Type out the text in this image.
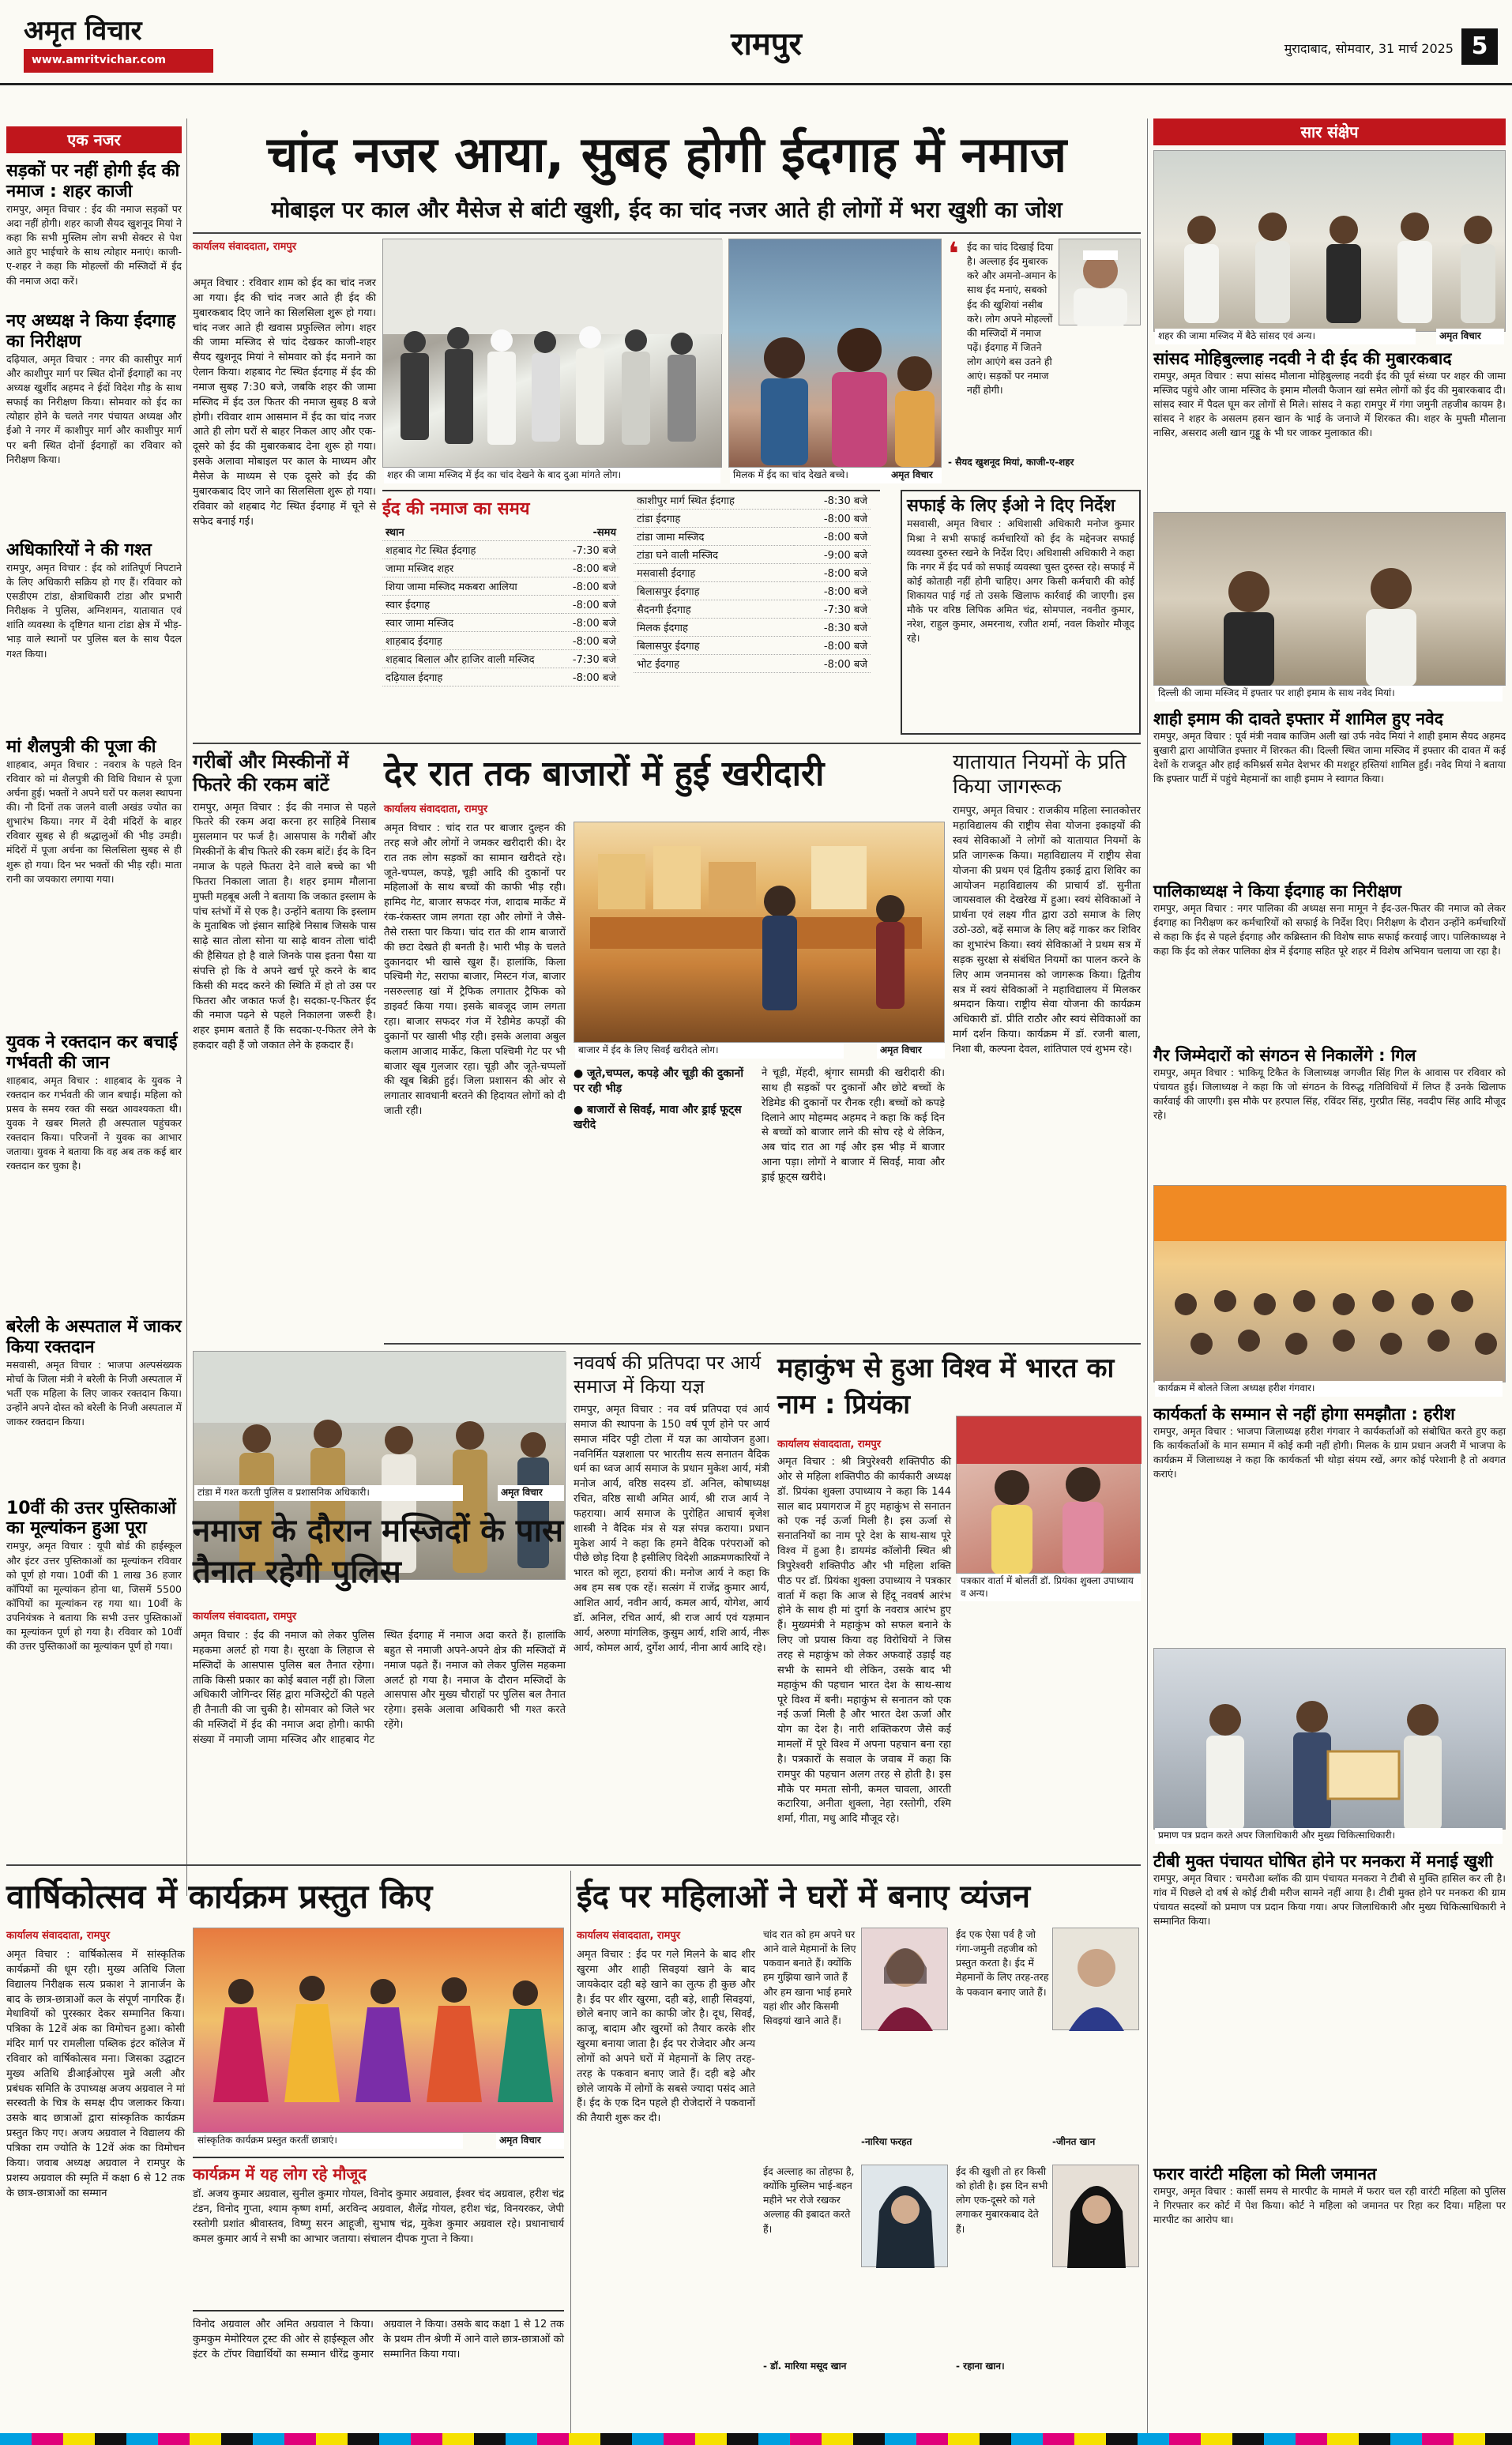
अमृत विचार
www.amritvichar.com	रामपुर	मुरादाबाद, सोमवार, 31 मार्च 2025 5
एक नजर
सड़कों पर नहीं होगी ईद की नमाज : शहर काजी
रामपुर, अमृत विचार : ईद की नमाज सड़कों पर अदा नहीं होगी। शहर काजी सैयद खुशनूद मियां ने कहा कि सभी मुस्लिम लोग सभी सेक्टर से पेश आते हुए भाईचारे के साथ त्योहार मनाएं। काजी-ए-शहर ने कहा कि मोहल्लों की मस्जिदों में ईद की नमाज अदा करें।
नए अध्यक्ष ने किया ईदगाह का निरीक्षण
दढ़ियाल, अमृत विचार : नगर की कासीपुर मार्ग और काशीपुर मार्ग पर स्थित दोनों ईदगाहों का नए अध्यक्ष खुर्शीद अहमद ने ईदों विदेश गौड़ के साथ सफाई का निरीक्षण किया। सोमवार को ईद का त्योहार होने के चलते नगर पंचायत अध्यक्ष और ईओ ने नगर में काशीपुर मार्ग और काशीपुर मार्ग पर बनी स्थित दोनों ईदगाहों का रविवार को निरीक्षण किया।
अधिकारियों ने की गश्त
रामपुर, अमृत विचार : ईद को शांतिपूर्ण निपटाने के लिए अधिकारी सक्रिय हो गए हैं। रविवार को एसडीएम टांडा, क्षेत्राधिकारी टांडा और प्रभारी निरीक्षक ने पुलिस, अग्निशमन, यातायात एवं शांति व्यवस्था के दृष्टिगत थाना टांडा क्षेत्र में भीड़-भाड़ वाले स्थानों पर पुलिस बल के साथ पैदल गश्त किया।
मां शैलपुत्री की पूजा की
शाहबाद, अमृत विचार : नवरात्र के पहले दिन रविवार को मां शैलपुत्री की विधि विधान से पूजा अर्चना हुई। भक्तों ने अपने घरों पर कलश स्थापना की। नौ दिनों तक जलने वाली अखंड ज्योत का शुभारंभ किया। नगर में देवी मंदिरों के बाहर रविवार सुबह से ही श्रद्धालुओं की भीड़ उमड़ी। मंदिरों में पूजा अर्चना का सिलसिला सुबह से ही शुरू हो गया। दिन भर भक्तों की भीड़ रही। माता रानी का जयकारा लगाया गया।
युवक ने रक्तदान कर बचाई गर्भवती की जान
शाहबाद, अमृत विचार : शाहबाद के युवक ने रक्तदान कर गर्भवती की जान बचाई। महिला को प्रसव के समय रक्त की सख्त आवश्यकता थी। युवक ने खबर मिलते ही अस्पताल पहुंचकर रक्तदान किया। परिजनों ने युवक का आभार जताया। युवक ने बताया कि वह अब तक कई बार रक्तदान कर चुका है।
बरेली के अस्पताल में जाकर किया रक्तदान
मसवासी, अमृत विचार : भाजपा अल्पसंख्यक मोर्चा के जिला मंत्री ने बरेली के निजी अस्पताल में भर्ती एक महिला के लिए जाकर रक्तदान किया। उन्होंने अपने दोस्त को बरेली के निजी अस्पताल में जाकर रक्तदान किया।
10वीं की उत्तर पुस्तिकाओं का मूल्यांकन हुआ पूरा
रामपुर, अमृत विचार : यूपी बोर्ड की हाईस्कूल और इंटर उत्तर पुस्तिकाओं का मूल्यांकन रविवार को पूर्ण हो गया। 10वीं की 1 लाख 36 हजार कॉपियों का मूल्यांकन होना था, जिसमें 5500 कॉपियों का मूल्यांकन रह गया था। 10वीं के उपनियंत्रक ने बताया कि सभी उत्तर पुस्तिकाओं का मूल्यांकन पूर्ण हो गया है। रविवार को 10वीं की उत्तर पुस्तिकाओं का मूल्यांकन पूर्ण हो गया।
चांद नजर आया, सुबह होगी ईदगाह में नमाज
मोबाइल पर काल और मैसेज से बांटी खुशी, ईद का चांद नजर आते ही लोगों में भरा खुशी का जोश
कार्यालय संवाददाता, रामपुर
अमृत विचार : रविवार शाम को ईद का चांद नजर आ गया। ईद की चांद नजर आते ही ईद की मुबारकबाद दिए जाने का सिलसिला शुरू हो गया। चांद नजर आते ही खवास प्रफुल्लित लोग। शहर की जामा मस्जिद से चांद देखकर काजी-शहर सैयद खुशनूद मियां ने सोमवार को ईद मनाने का ऐलान किया। शहबाद गेट स्थित ईदगाह में ईद की नमाज सुबह 7:30 बजे, जबकि शहर की जामा मस्जिद में ईद उल फितर की नमाज सुबह 8 बजे होगी। रविवार शाम आसमान में ईद का चांद नजर आते ही लोग घरों से बाहर निकल आए और एक-दूसरे को ईद की मुबारकबाद देना शुरू हो गया। इसके अलावा मोबाइल पर काल के माध्यम और मैसेज के माध्यम से एक दूसरे को ईद की मुबारकबाद दिए जाने का सिलसिला शुरू हो गया। रविवार को शहबाद गेट स्थित ईदगाह में चूने से सफेद बनाई गई।
शहर की जामा मस्जिद में ईद का चांद देखने के बाद दुआ मांगते लोग।	मिलक में ईद का चांद देखते बच्चे।	अमृत विचार
❛ ईद का चांद दिखाई दिया है। अल्लाह ईद मुबारक करे और अमनो-अमान के साथ ईद मनाएं, सबको ईद की खुशियां नसीब करे। लोग अपने मोहल्लों की मस्जिदों में नमाज पढ़ें। ईदगाह में जितने लोग आएंगे बस उतने ही आएं। सड़कों पर नमाज नहीं होगी।
- सैयद खुशनूद मियां, काजी-ए-शहर
ईद की नमाज का समय
स्थान	-समय
शहबाद गेट स्थित ईदगाह	-7:30 बजे
जामा मस्जिद शहर	-8:00 बजे
शिया जामा मस्जिद मकबरा आलिया	-8:00 बजे
स्वार ईदगाह	-8:00 बजे
स्वार जामा मस्जिद	-8:00 बजे
शाहबाद ईदगाह	-8:00 बजे
शहबाद बिलाल और हाजिर वाली मस्जिद	-7:30 बजे
दढ़ियाल ईदगाह	-8:00 बजे
काशीपुर मार्ग स्थित ईदगाह	-8:30 बजे
टांडा ईदगाह	-8:00 बजे
टांडा जामा मस्जिद	-8:00 बजे
टांडा घने वाली मस्जिद	-9:00 बजे
मसवासी ईदगाह	-8:00 बजे
बिलासपुर ईदगाह	-8:00 बजे
सैदनगी ईदगाह	-7:30 बजे
मिलक ईदगाह	-8:30 बजे
बिलासपुर ईदगाह	-8:00 बजे
भोट ईदगाह	-8:00 बजे
सफाई के लिए ईओ ने दिए निर्देश
मसवासी, अमृत विचार : अधिशासी अधिकारी मनोज कुमार मिश्रा ने सभी सफाई कर्मचारियों को ईद के मद्देनजर सफाई व्यवस्था दुरुस्त रखने के निर्देश दिए। अधिशासी अधिकारी ने कहा कि नगर में ईद पर्व को सफाई व्यवस्था चुस्त दुरुस्त रहे। सफाई में कोई कोताही नहीं होनी चाहिए। अगर किसी कर्मचारी की कोई शिकायत पाई गई तो उसके खिलाफ कार्रवाई की जाएगी। इस मौके पर वरिष्ठ लिपिक अमित चंद्र, सोमपाल, नवनीत कुमार, नरेश, राहुल कुमार, अमरनाथ, रजीत शर्मा, नवल किशोर मौजूद रहे।
गरीबों और मिस्कीनों में फितरे की रकम बांटें
रामपुर, अमृत विचार : ईद की नमाज से पहले फितरे की रकम अदा करना हर साहिबे निसाब मुसलमान पर फर्ज है। आसपास के गरीबों और मिस्कीनों के बीच फितरे की रकम बांटें। ईद के दिन नमाज के पहले फितरा देने वाले बच्चे का भी फितरा निकाला जाता है। शहर इमाम मौलाना मुफ्ती महबूब अली ने बताया कि जकात इस्लाम के पांच स्तंभों में से एक है। उन्होंने बताया कि इस्लाम के मुताबिक जो इंसान साहिबे निसाब जिसके पास साढ़े सात तोला सोना या साढ़े बावन तोला चांदी की हैसियत हो है वाले जिनके पास इतना पैसा या संपत्ति हो कि वे अपने खर्च पूरे करने के बाद किसी की मदद करने की स्थिति में हो तो उस पर फितरा और जकात फर्ज है। सदका-ए-फितर ईद की नमाज पढ़ने से पहले निकालना जरूरी है। शहर इमाम बताते हैं कि सदका-ए-फितर लेने के हकदार वही हैं जो जकात लेने के हकदार हैं।
देर रात तक बाजारों में हुई खरीदारी
कार्यालय संवाददाता, रामपुर
अमृत विचार : चांद रात पर बाजार दुल्हन की तरह सजे और लोगों ने जमकर खरीदारी की। देर रात तक लोग सड़कों का सामान खरीदते रहे। जूते-चप्पल, कपड़े, चूड़ी आदि की दुकानों पर महिलाओं के साथ बच्चों की काफी भीड़ रही। हामिद गेट, बाजार सफदर गंज, शादाब मार्केट में रंक-रंकस्तर जाम लगता रहा और लोगों ने जैसे-तैसे रास्ता पार किया। चांद रात की शाम बाजारों की छटा देखते ही बनती है। भारी भीड़ के चलते दुकानदार भी खासे खुश हैं। हालांकि, किला पश्चिमी गेट, सराफा बाजार, मिस्टन गंज, बाजार नसरुल्लाह खां में ट्रैफिक लगातार ट्रैफिक को डाइवर्ट किया गया। इसके बावजूद जाम लगता रहा। बाजार सफदर गंज में रेडीमेड कपड़ों की दुकानों पर खासी भीड़ रही। इसके अलावा अबुल कलाम आजाद मार्केट, किला पश्चिमी गेट पर भी बाजार खूब गुलजार रहा। चूड़ी और जूते-चप्पलों की खूब बिक्री हुई। जिला प्रशासन की ओर से लगातार सावधानी बरतने की हिदायत लोगों को दी जाती रही।
बाजार में ईद के लिए सिवईं खरीदते लोग।	अमृत विचार
● जूते,चप्पल, कपड़े और चूड़ी की दुकानों पर रही भीड़
● बाजारों से सिवईं, मावा और ड्राई फूट्स खरीदे
ने चूड़ी, मेंहदी, श्रृंगार सामग्री की खरीदारी की। साथ ही सड़कों पर दुकानों और छोटे बच्चों के रेडिमेड की दुकानों पर रौनक रही। बच्चों को कपड़े दिलाने आए मोहम्मद अहमद ने कहा कि कई दिन से बच्चों को बाजार लाने की सोच रहे थे लेकिन, अब चांद रात आ गई और इस भीड़ में बाजार आना पड़ा। लोगों ने बाजार में सिवईं, मावा और ड्राई फ्रूट्स खरीदे।
यातायात नियमों के प्रति किया जागरूक
रामपुर, अमृत विचार : राजकीय महिला स्नातकोत्तर महाविद्यालय की राष्ट्रीय सेवा योजना इकाइयों की स्वयं सेविकाओं ने लोगों को यातायात नियमों के प्रति जागरूक किया। महाविद्यालय में राष्ट्रीय सेवा योजना की प्रथम एवं द्वितीय इकाई द्वारा शिविर का आयोजन महाविद्यालय की प्राचार्य डॉ. सुनीता जायसवाल की देखरेख में हुआ। स्वयं सेविकाओं ने प्रार्थना एवं लक्ष्य गीत द्वारा उठो समाज के लिए उठो-उठो, बढ़ें समाज के लिए बढ़ें गाकर कर शिविर का शुभारंभ किया। स्वयं सेविकाओं ने प्रथम सत्र में सड़क सुरक्षा से संबंधित नियमों का पालन करने के लिए आम जनमानस को जागरूक किया। द्वितीय सत्र में स्वयं सेविकाओं ने महाविद्यालय में मिलकर श्रमदान किया। राष्ट्रीय सेवा योजना की कार्यक्रम अधिकारी डॉ. प्रीति राठौर और स्वयं सेविकाओं का मार्ग दर्शन किया। कार्यक्रम में डॉ. रजनी बाला, निशा बी, कल्पना देवल, शांतिपाल एवं शुभम रहे।
टांडा में गश्त करती पुलिस व प्रशासनिक अधिकारी।	अमृत विचार
नमाज के दौरान मस्जिदों के पास तैनात रहेगी पुलिस
कार्यालय संवाददाता, रामपुर
अमृत विचार : ईद की नमाज को लेकर पुलिस महकमा अलर्ट हो गया है। सुरक्षा के लिहाज से मस्जिदों के आसपास पुलिस बल तैनात रहेगा। ताकि किसी प्रकार का कोई बवाल नहीं हो। जिला अधिकारी जोगिन्दर सिंह द्वारा मजिस्ट्रेटों की पहले ही तैनाती की जा चुकी है। सोमवार को जिले भर की मस्जिदों में ईद की नमाज अदा होगी। काफी संख्या में नमाजी जामा मस्जिद और शाहबाद गेट स्थित ईदगाह में नमाज अदा करते हैं। हालांकि बहुत से नमाजी अपने-अपने क्षेत्र की मस्जिदों में नमाज पढ़ते हैं। नमाज को लेकर पुलिस महकमा अलर्ट हो गया है। नमाज के दौरान मस्जिदों के आसपास और मुख्य चौराहों पर पुलिस बल तैनात रहेगा। इसके अलावा अधिकारी भी गश्त करते रहेंगे।
नववर्ष की प्रतिपदा पर आर्य समाज में किया यज्ञ
रामपुर, अमृत विचार : नव वर्ष प्रतिपदा एवं आर्य समाज की स्थापना के 150 वर्ष पूर्ण होने पर आर्य समाज मंदिर पट्टी टोला में यज्ञ का आयोजन हुआ। नवनिर्मित यज्ञशाला पर भारतीय सत्य सनातन वैदिक धर्म का ध्वज आर्य समाज के प्रधान मुकेश आर्य, मंत्री मनोज आर्य, वरिष्ठ सदस्य डॉ. अनिल, कोषाध्यक्ष रचित, वरिष्ठ साथी अमित आर्य, श्री राज आर्य ने फहराया। आर्य समाज के पुरोहित आचार्य बृजेश शास्त्री ने वैदिक मंत्र से यज्ञ संपन्न कराया। प्रधान मुकेश आर्य ने कहा कि हमने वैदिक परंपराओं को पीछे छोड़ दिया है इसीलिए विदेशी आक्रमणकारियों ने भारत को लूटा, हरायां की। मनोज आर्य ने कहा कि अब हम सब एक रहें। सत्संग में राजेंद्र कुमार आर्य, आशित आर्य, नवीन आर्य, कमल आर्य, योगेश, आर्य डॉ. अनिल, रचित आर्य, श्री राज आर्य एवं यज्ञमान आर्य, अरुणा मांगलिक, कुसुम आर्य, शशि आर्य, नीरू आर्य, कोमल आर्य, दुर्गेश आर्य, नीना आर्य आदि रहे।
महाकुंभ से हुआ विश्व में भारत का नाम : प्रियंका
कार्यालय संवाददाता, रामपुर
पत्रकार वार्ता में बोलतीं डॉ. प्रियंका शुक्ला उपाध्याय व अन्य।
अमृत विचार : श्री त्रिपुरेश्वरी शक्तिपीठ की ओर से महिला शक्तिपीठ की कार्यकारी अध्यक्ष डॉ. प्रियंका शुक्ला उपाध्याय ने कहा कि 144 साल बाद प्रयागराज में हुए महाकुंभ से सनातन को एक नई ऊर्जा मिली है। इस ऊर्जा से सनातनियों का नाम पूरे देश के साथ-साथ पूरे विश्व में हुआ है। डायमंड कॉलोनी स्थित श्री त्रिपुरेश्वरी शक्तिपीठ और भी महिला शक्ति पीठ पर डॉ. प्रियंका शुक्ला उपाध्याय ने पत्रकार वार्ता में कहा कि आज से हिंदू नववर्ष आरंभ होने के साथ ही मां दुर्गा के नवरात्र आरंभ हुए हैं। मुख्यमंत्री ने महाकुंभ को सफल बनाने के लिए जो प्रयास किया वह विरोधियों ने जिस तरह से महाकुंभ को लेकर अफवाहें उड़ाईं वह सभी के सामने थी लेकिन, उसके बाद भी महाकुंभ की पहचान भारत देश के साथ-साथ पूरे विश्व में बनी। महाकुंभ से सनातन को एक नई ऊर्जा मिली है और भारत देश ऊर्जा और योग का देश है। नारी शक्तिकरण जैसे कई मामलों में पूरे विश्व में अपना पहचान बना रहा है। पत्रकारों के सवाल के जवाब में कहा कि रामपुर की पहचान अलग तरह से होती है। इस मौके पर ममता सोनी, कमल चावला, आरती कटारिया, अनीता शुक्ला, नेहा रस्तोगी, रश्मि शर्मा, गीता, मधु आदि मौजूद रहे।
वार्षिकोत्सव में कार्यक्रम प्रस्तुत किए
कार्यालय संवाददाता, रामपुर
अमृत विचार : वार्षिकोत्सव में सांस्कृतिक कार्यक्रमों की धूम रही। मुख्य अतिथि जिला विद्यालय निरीक्षक सत्य प्रकाश ने ज्ञानार्जन के बाद के छात्र-छात्राओं कल के संपूर्ण नागरिक हैं। मेधावियों को पुरस्कार देकर सम्मानित किया। पत्रिका के 12वें अंक का विमोचन हुआ। कोसी मंदिर मार्ग पर रामलीला पब्लिक इंटर कॉलेज में रविवार को वार्षिकोत्सव मना। जिसका उद्घाटन मुख्य अतिथि डीआईओएस मुन्ने अली और प्रबंधक समिति के उपाध्यक्ष अजय अग्रवाल ने मां सरस्वती के चित्र के समक्ष दीप जलाकर किया। उसके बाद छात्राओं द्वारा सांस्कृतिक कार्यक्रम प्रस्तुत किए गए। अजय अग्रवाल ने विद्यालय की पत्रिका राम ज्योति के 12वें अंक का विमोचन किया। जवाब अध्यक्ष अग्रवाल ने रामपुर के प्रशस्य अग्रवाल की स्मृति में कक्षा 6 से 12 तक के छात्र-छात्राओं का सम्मान
सांस्कृतिक कार्यक्रम प्रस्तुत करतीं छात्राएं।	अमृत विचार
कार्यक्रम में यह लोग रहे मौजूद
डॉ. अजय कुमार अग्रवाल, सुनील कुमार गोयल, विनोद कुमार अग्रवाल, ईश्वर चंद अग्रवाल, हरीश चंद्र टंडन, विनोद गुप्ता, श्याम कृष्ण शर्मा, अरविन्द अग्रवाल, शैलेंद्र गोयल, हरीश चंद्र, विनयरकर, जेपी रस्तोगी प्रशांत श्रीवास्तव, विष्णु सरन आहूजी, सुभाष चंद्र, मुकेश कुमार अग्रवाल रहे। प्रधानाचार्य कमल कुमार आर्य ने सभी का आभार जताया। संचालन दीपक गुप्ता ने किया।
विनोद अग्रवाल और अमित अग्रवाल ने किया। कुमकुम मेमोरियल ट्रस्ट की ओर से हाईस्कूल और इंटर के टॉपर विद्यार्थियों का सम्मान धीरेंद्र कुमार अग्रवाल ने किया। उसके बाद कक्षा 1 से 12 तक के प्रथम तीन श्रेणी में आने वाले छात्र-छात्राओं को सम्मानित किया गया।
ईद पर महिलाओं ने घरों में बनाए व्यंजन
कार्यालय संवाददाता, रामपुर
अमृत विचार : ईद पर गले मिलने के बाद शीर खुरमा और शाही सिवइयां खाने के बाद जायकेदार दही बड़े खाने का लुत्फ ही कुछ और है। ईद पर शीर खुरमा, दही बड़े, शाही सिवइयां, छोले बनाए जाने का काफी जोर है। दूध, सिवईं, काजू, बादाम और खुरमों को तैयार करके शीर खुरमा बनाया जाता है। ईद पर रोजेदार और अन्य लोगों को अपने घरों में मेहमानों के लिए तरह-तरह के पकवान बनाए जाते हैं। दही बड़े और छोले जायके में लोगों के सबसे ज्यादा पसंद आते हैं। ईद के एक दिन पहले ही रोजेदारों ने पकवानों की तैयारी शुरू कर दी।
चांद रात को हम अपने घर आने वाले मेहमानों के लिए पकवान बनाते हैं। क्योंकि हम गुझिया खाने जाते हैं और हम खाना भाई हमारे यहां शीर और किसमी सिवइयां खाने आते हैं।
-नारिया फरहत
ईद एक ऐसा पर्व है जो गंगा-जमुनी तहजीब को प्रस्तुत करता है। ईद में मेहमानों के लिए तरह-तरह के पकवान बनाए जाते हैं।
-जीनत खान
ईद अल्लाह का तोहफा है, क्योंकि मुस्लिम भाई-बहन महीने भर रोजे रखकर अल्लाह की इबादत करते हैं।
- डॉ. मारिया मसूद खान
ईद की खुशी तो हर किसी को होती है। इस दिन सभी लोग एक-दूसरे को गले लगाकर मुबारकबाद देते हैं।
- रहाना खान।
सार संक्षेप
शहर की जामा मस्जिद में बैठे सांसद एवं अन्य।	अमृत विचार
सांसद मोहिबुल्लाह नदवी ने दी ईद की मुबारकबाद
रामपुर, अमृत विचार : सपा सांसद मौलाना मोहिबुल्लाह नदवी ईद की पूर्व संध्या पर शहर की जामा मस्जिद पहुंचे और जामा मस्जिद के इमाम मौलवी फैजान खां समेत लोगों को ईद की मुबारकबाद दी। सांसद स्वार में पैदल घूम कर लोगों से मिले। सांसद ने कहा रामपुर में गंगा जमुनी तहजीब कायम है। सांसद ने शहर के असलम हसन खान के भाई के जनाजे में शिरकत की। शहर के मुफ्ती मौलाना नासिर, असराद अली खान गुड्डू के भी घर जाकर मुलाकात की।
दिल्ली की जामा मस्जिद में इफ्तार पर शाही इमाम के साथ नवेद मियां।
शाही इमाम की दावते इफ्तार में शामिल हुए नवेद
रामपुर, अमृत विचार : पूर्व मंत्री नवाब काजिम अली खां उर्फ नवेद मियां ने शाही इमाम सैयद अहमद बुखारी द्वारा आयोजित इफ्तार में शिरकत की। दिल्ली स्थित जामा मस्जिद में इफ्तार की दावत में कई देशों के राजदूत और हाई कमिश्नर्स समेत देशभर की मशहूर हस्तियां शामिल हुईं। नवेद मियां ने बताया कि इफ्तार पार्टी में पहुंचे मेहमानों का शाही इमाम ने स्वागत किया।
पालिकाध्यक्ष ने किया ईदगाह का निरीक्षण
रामपुर, अमृत विचार : नगर पालिका की अध्यक्ष सना मामून ने ईद-उल-फितर की नमाज को लेकर ईदगाह का निरीक्षण कर कर्मचारियों को सफाई के निर्देश दिए। निरीक्षण के दौरान उन्होंने कर्मचारियों से कहा कि ईद से पहले ईदगाह और कब्रिस्तान की विशेष साफ सफाई करवाई जाए। पालिकाध्यक्ष ने कहा कि ईद को लेकर पालिका क्षेत्र में ईदगाह सहित पूरे शहर में विशेष अभियान चलाया जा रहा है।
गैर जिम्मेदारों को संगठन से निकालेंगे : गिल
रामपुर, अमृत विचार : भाकियू टिकैत के जिलाध्यक्ष जगजीत सिंह गिल के आवास पर रविवार को पंचायत हुई। जिलाध्यक्ष ने कहा कि जो संगठन के विरुद्ध गतिविधियों में लिप्त हैं उनके खिलाफ कार्रवाई की जाएगी। इस मौके पर हरपाल सिंह, रविंदर सिंह, गुरप्रीत सिंह, नवदीप सिंह आदि मौजूद रहे।
कार्यक्रम में बोलते जिला अध्यक्ष हरीश गंगवार।
कार्यकर्ता के सम्मान से नहीं होगा समझौता : हरीश
रामपुर, अमृत विचार : भाजपा जिलाध्यक्ष हरीश गंगवार ने कार्यकर्ताओं को संबोधित करते हुए कहा कि कार्यकर्ताओं के मान सम्मान में कोई कमी नहीं होगी। मिलक के ग्राम प्रधान अजरी में भाजपा के कार्यक्रम में जिलाध्यक्ष ने कहा कि कार्यकर्ता भी थोड़ा संयम रखें, अगर कोई परेशानी है तो अवगत कराएं।
प्रमाण पत्र प्रदान करते अपर जिलाधिकारी और मुख्य चिकित्साधिकारी।
टीबी मुक्त पंचायत घोषित होने पर मनकरा में मनाई खुशी
रामपुर, अमृत विचार : चमरौआ ब्लॉक की ग्राम पंचायत मनकरा ने टीबी से मुक्ति हासिल कर ली है। गांव में पिछले दो वर्ष से कोई टीबी मरीज सामने नहीं आया है। टीबी मुक्त होने पर मनकरा की ग्राम पंचायत सदस्यों को प्रमाण पत्र प्रदान किया गया। अपर जिलाधिकारी और मुख्य चिकित्साधिकारी ने सम्मानित किया।
फरार वारंटी महिला को मिली जमानत
रामपुर, अमृत विचार : कार्सी समय से मारपीट के मामले में फरार चल रही वारंटी महिला को पुलिस ने गिरफ्तार कर कोर्ट में पेश किया। कोर्ट ने महिला को जमानत पर रिहा कर दिया। महिला पर मारपीट का आरोप था।
